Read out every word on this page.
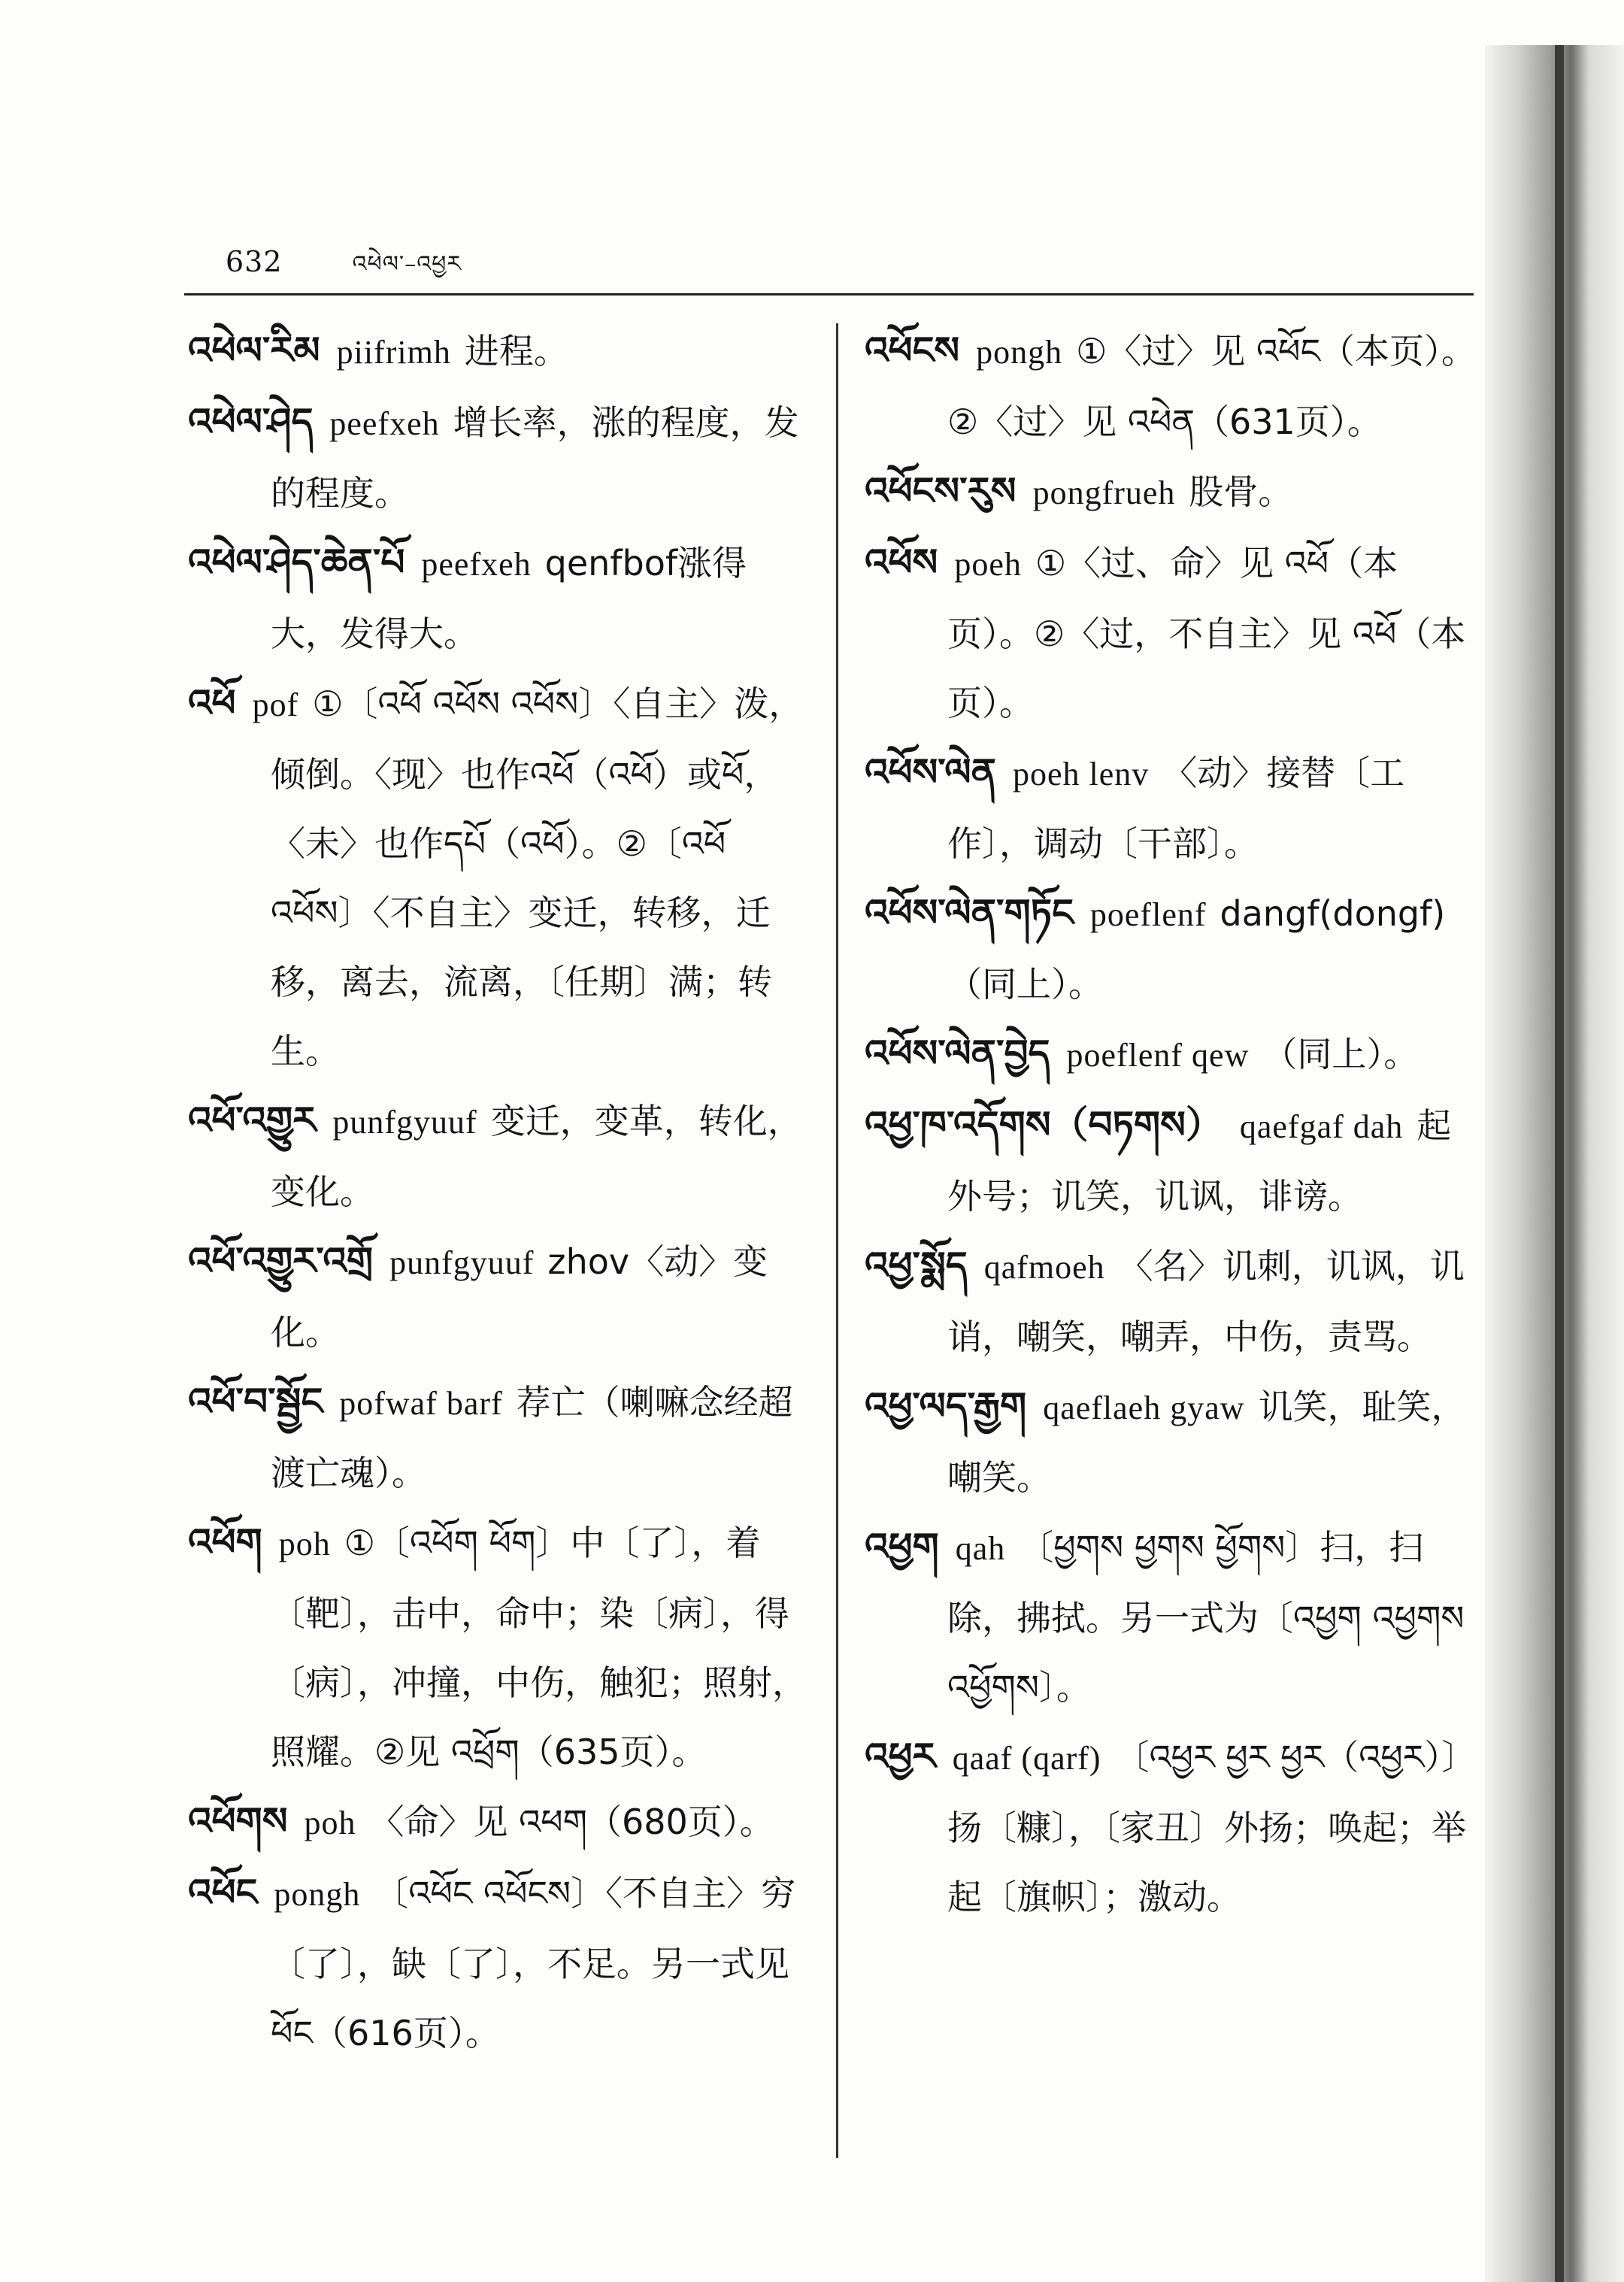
632	འཕེལ་–འཕྱར

འཕེལ་རིམ piifrimh 进程。

འཕེལ་ཤེད peefxeh 增长率，涨的程度，发的程度。

འཕེལ་ཤེད་ཆེན་པོ peefxeh qenfbof涨得大，发得大。

འཕོ pof ①〔འཕོ འཕོས འཕོས〕〈自主〉泼，倾倒。〈现〉也作འཕོ（འཕོ）或ཕོ，〈未〉也作དཔོ（འཕོ）。②〔འཕོ འཕོས〕〈不自主〉变迁，转移，迁移，离去，流离，〔任期〕满；转生。

འཕོ་འགྱུར punfgyuuf 变迁，变革，转化，变化。

འཕོ་འགྱུར་འགྲོ punfgyuuf zhov〈动〉变化。

འཕོ་བ་སྦྱོང pofwaf barf 荐亡（喇嘛念经超渡亡魂）。

འཕོག poh ①〔འཕོག ཕོག〕中〔了〕，着〔靶〕，击中，命中；染〔病〕，得〔病〕，冲撞，中伤，触犯；照射，照耀。②见 འཕྲོག（635页）。

འཕོགས poh 〈命〉见 འཕག（680页）。

འཕོང pongh 〔འཕོང འཕོངས〕〈不自主〉穷〔了〕，缺〔了〕，不足。另一式见 ཕོང（616页）。

འཕོངས pongh ①〈过〉见 འཕོང（本页）。②〈过〉见 འཕེན（631页）。

འཕོངས་རུས pongfrueh 股骨。

འཕོས poeh ①〈过、命〉见 འཕོ（本页）。②〈过，不自主〉见 འཕོ（本页）。

འཕོས་ལེན poeh lenv 〈动〉接替〔工作〕，调动〔干部〕。

འཕོས་ལེན་གཏོང poeflenf dangf(dongf)（同上）。

འཕོས་ལེན་བྱེད poeflenf qew （同上）。

འཕྱ་ཁ་འདོགས（བཏགས） qaefgaf dah 起外号；讥笑，讥讽，诽谤。

འཕྱ་སྨོད qafmoeh 〈名〉讥刺，讥讽，讥诮，嘲笑，嘲弄，中伤，责骂。

འཕྱ་ལད་རྒྱག qaeflaeh gyaw 讥笑，耻笑，嘲笑。

འཕྱག qah 〔ཕྱགས ཕྱགས ཕྱོགས〕扫，扫除，拂拭。另一式为〔འཕྱག འཕྱགས འཕྱོགས〕。

འཕྱར qaaf (qarf) 〔འཕྱར ཕྱར ཕྱར（འཕྱར）〕扬〔糠〕，〔家丑〕外扬；唤起；举起〔旗帜〕；激动。
